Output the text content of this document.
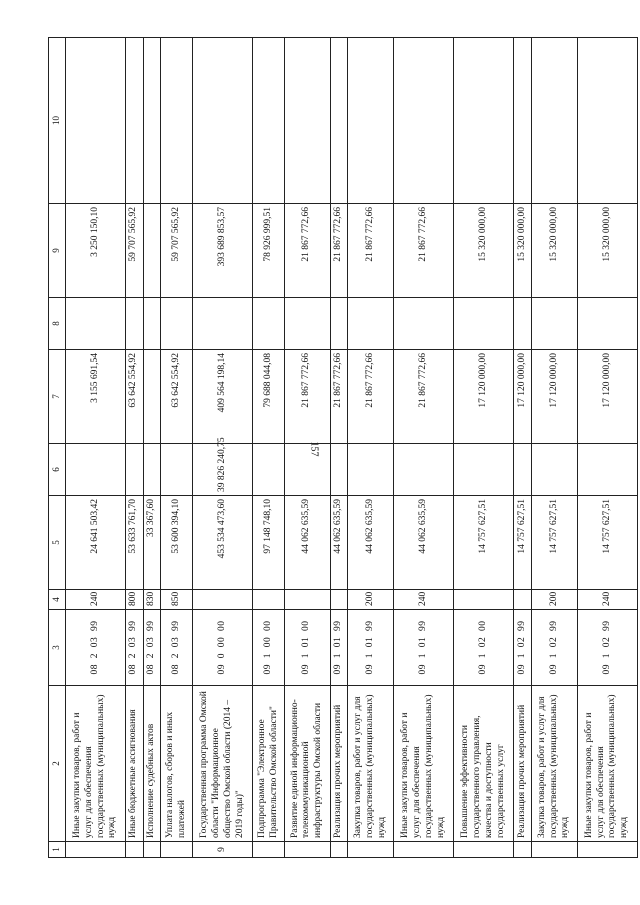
157
1	2	3	4	5	6	7	8	9	10
	Иные закупки товаров, работ и услуг для обеспечения государственных (муниципальных) нужд	08  2  03  99	240	24 641 503,42		3 155 691,54		3 250 150,10	
	Иные бюджетные ассигнования	08  2  03  99	800	53 633 761,70		63 642 554,92		59 707 565,92	
	Исполнение судебных актов	08  2  03  99	830	33 367,60					
	Уплата налогов, сборов и иных платежей	08  2  03  99	850	53 600 394,10		63 642 554,92		59 707 565,92	
9	Государственная программа Омской области "Информационное общество Омской области (2014 – 2019 годы)"	09  0  00  00		453 534 473,60	39 826 240,75	409 564 198,14		393 689 853,57	
	Подпрограмма "Электронное Правительство Омской области"	09  1  00  00		97 148 748,10		79 688 044,08		78 926 999,51	
	Развитие единой информационно-телекоммуникационной инфраструктуры Омской области	09  1  01  00		44 062 635,59		21 867 772,66		21 867 772,66	
	Реализация прочих мероприятий	09  1  01  99		44 062 635,59		21 867 772,66		21 867 772,66	
	Закупка товаров, работ и услуг для государственных (муниципальных) нужд	09  1  01  99	200	44 062 635,59		21 867 772,66		21 867 772,66	
	Иные закупки товаров, работ и услуг для обеспечения государственных (муниципальных) нужд	09  1  01  99	240	44 062 635,59		21 867 772,66		21 867 772,66	
	Повышение эффективности государственного управления, качества и доступности государственных услуг	09  1  02  00		14 757 627,51		17 120 000,00		15 320 000,00	
	Реализация прочих мероприятий	09  1  02  99		14 757 627,51		17 120 000,00		15 320 000,00	
	Закупка товаров, работ и услуг для государственных (муниципальных) нужд	09  1  02  99	200	14 757 627,51		17 120 000,00		15 320 000,00	
	Иные закупки товаров, работ и услуг для обеспечения государственных (муниципальных) нужд	09  1  02  99	240	14 757 627,51		17 120 000,00		15 320 000,00	
